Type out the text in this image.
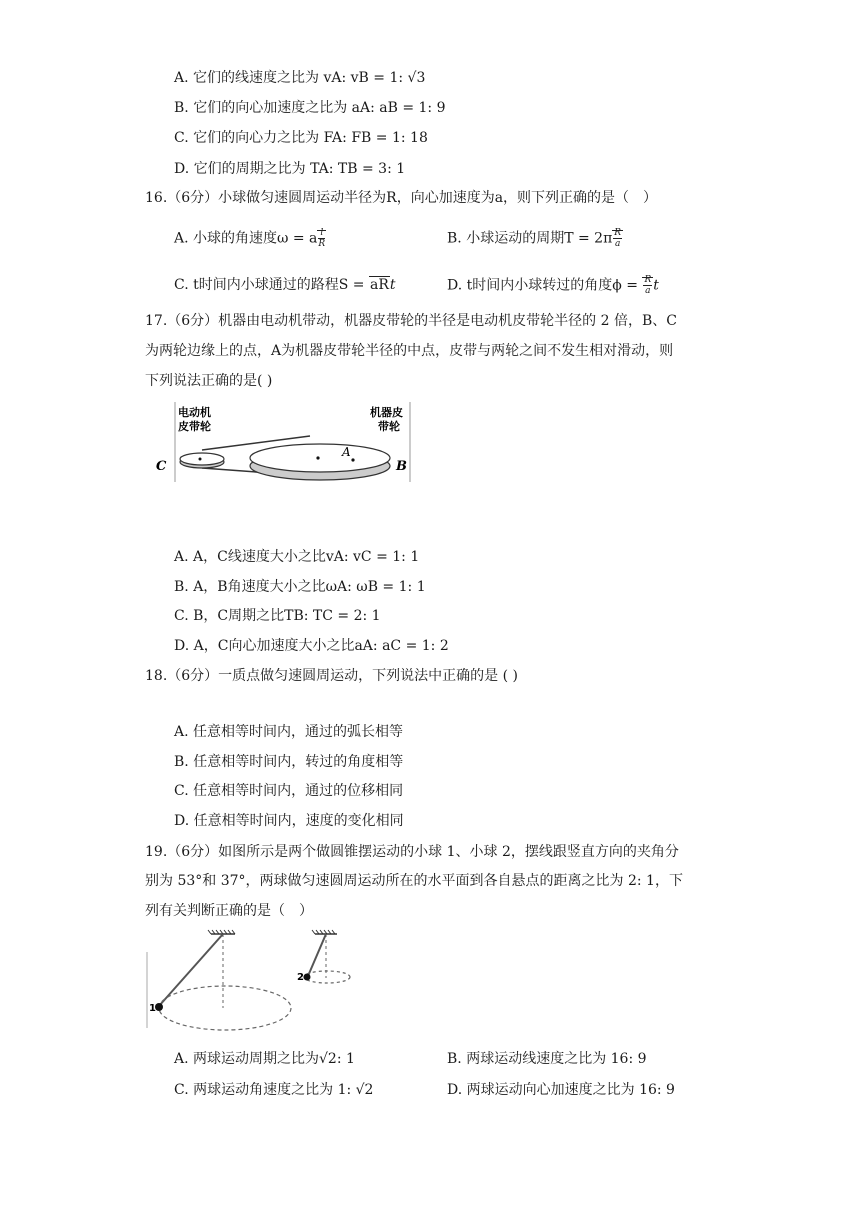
A. 它们的线速度之比为 vA: vB = 1: √3
B. 它们的向心加速度之比为 aA: aB = 1: 9
C. 它们的向心力之比为 FA: FB = 1: 18
D. 它们的周期之比为 TA: TB = 3: 1
16.（6分）小球做匀速圆周运动半径为R，向心加速度为a，则下列正确的是（　）
A. 小球的角速度ω = a $\frac{l}{R}$	B. 小球运动的周期$T = 2\pi \frac{R}{a}$
C. t时间内小球通过的路程S = aRt	D. t时间内小球转过的角度$\phi = \frac{R}{a}$ t
17.（6分）机器由电动机带动，机器皮带轮的半径是电动机皮带轮半径的 2 倍，B、C
为两轮边缘上的点，A为机器皮带轮半径的中点，皮带与两轮之间不发生相对滑动，则
下列说法正确的是( )
电动机
皮带轮
机器皮
带轮
A
B
C
A. A，C线速度大小之比vA: vC = 1: 1
B. A，B角速度大小之比ωA: ωB = 1: 1
C. B，C周期之比TB: TC = 2: 1
D. A，C向心加速度大小之比aA: aC = 1: 2
18.（6分）一质点做匀速圆周运动，下列说法中正确的是 ( )
A. 任意相等时间内，通过的弧长相等
B. 任意相等时间内，转过的角度相等
C. 任意相等时间内，通过的位移相同
D. 任意相等时间内，速度的变化相同
19.（6分）如图所示是两个做圆锥摆运动的小球 1、小球 2，摆线跟竖直方向的夹角分
别为 53°和 37°，两球做匀速圆周运动所在的水平面到各自悬点的距离之比为 2: 1，下
列有关判断正确的是（　）
1
2
A. 两球运动周期之比为√2: 1	B. 两球运动线速度之比为 16: 9
C. 两球运动角速度之比为 1: √2	D. 两球运动向心加速度之比为 16: 9
